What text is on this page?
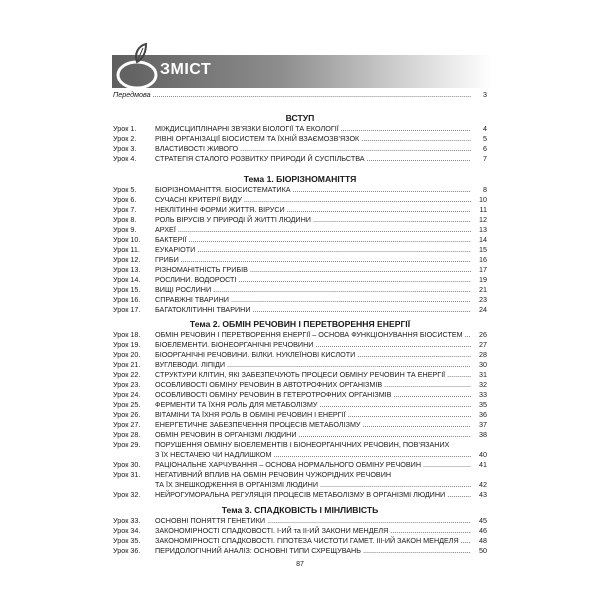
ЗМІСТ
Передмова .....	3
ВСТУП
Урок 1.	МІЖДИСЦИПЛІНАРНІ ЗВ’ЯЗКИ БІОЛОГІЇ ТА ЕКОЛОГІЇ .....	4
Урок 2.	РІВНІ ОРГАНІЗАЦІЇ БІОСИСТЕМ ТА ЇХНІЙ ВЗАЄМОЗВ’ЯЗОК .....	5
Урок 3.	ВЛАСТИВОСТІ ЖИВОГО .....	6
Урок 4.	СТРАТЕГІЯ СТАЛОГО РОЗВИТКУ ПРИРОДИ Й СУСПІЛЬСТВА .....	7
Тема 1. БІОРІЗНОМАНІТТЯ
Урок 5.	БІОРІЗНОМАНІТТЯ. БІОСИСТЕМАТИКА .....	8
Урок 6.	СУЧАСНІ КРИТЕРІЇ ВИДУ .....	10
Урок 7.	НЕКЛІТИННІ ФОРМИ ЖИТТЯ. ВІРУСИ .....	11
Урок 8.	РОЛЬ ВІРУСІВ У ПРИРОДІ Й ЖИТТІ ЛЮДИНИ .....	12
Урок 9.	АРХЕЇ .....	13
Урок 10.	БАКТЕРІЇ .....	14
Урок 11.	ЕУКАРІОТИ .....	15
Урок 12.	ГРИБИ .....	16
Урок 13.	РІЗНОМАНІТНІСТЬ ГРИБІВ .....	17
Урок 14.	РОСЛИНИ. ВОДОРОСТІ .....	19
Урок 15.	ВИЩІ РОСЛИНИ .....	21
Урок 16.	СПРАВЖНІ ТВАРИНИ .....	23
Урок 17.	БАГАТОКЛІТИННІ ТВАРИНИ .....	24
Тема 2. ОБМІН РЕЧОВИН І ПЕРЕТВОРЕННЯ ЕНЕРГІЇ
Урок 18.	ОБМІН РЕЧОВИН І ПЕРЕТВОРЕННЯ ЕНЕРГІЇ – ОСНОВА ФУНКЦІОНУВАННЯ БІОСИСТЕМ .....	26
Урок 19.	БІОЕЛЕМЕНТИ. БІОНЕОРГАНІЧНІ РЕЧОВИНИ .....	27
Урок 20.	БІООРГАНІЧНІ РЕЧОВИНИ. БІЛКИ. НУКЛЕЇНОВІ КИСЛОТИ .....	28
Урок 21.	ВУГЛЕВОДИ. ЛІПІДИ .....	30
Урок 22.	СТРУКТУРИ КЛІТИН, ЯКІ ЗАБЕЗПЕЧУЮТЬ ПРОЦЕСИ ОБМІНУ РЕЧОВИН ТА ЕНЕРГІЇ .....	31
Урок 23.	ОСОБЛИВОСТІ ОБМІНУ РЕЧОВИН В АВТОТРОФНИХ ОРГАНІЗМІВ .....	32
Урок 24.	ОСОБЛИВОСТІ ОБМІНУ РЕЧОВИН В ГЕТЕРОТРОФНИХ ОРГАНІЗМІВ .....	33
Урок 25.	ФЕРМЕНТИ ТА ЇХНЯ РОЛЬ ДЛЯ МЕТАБОЛІЗМУ .....	35
Урок 26.	ВІТАМІНИ ТА ЇХНЯ РОЛЬ В ОБМІНІ РЕЧОВИН І ЕНЕРГІЇ .....	36
Урок 27.	ЕНЕРГЕТИЧНЕ ЗАБЕЗПЕЧЕННЯ ПРОЦЕСІВ МЕТАБОЛІЗМУ .....	37
Урок 28.	ОБМІН РЕЧОВИН В ОРГАНІЗМІ ЛЮДИНИ .....	38
Урок 29.	ПОРУШЕННЯ ОБМІНУ БІОЕЛЕМЕНТІВ І БІОНЕОРГАНІЧНИХ РЕЧОВИН, ПОВ’ЯЗАНИХ
З ЇХ НЕСТАЧЕЮ ЧИ НАДЛИШКОМ .....	40
Урок 30.	РАЦІОНАЛЬНЕ ХАРЧУВАННЯ – ОСНОВА НОРМАЛЬНОГО ОБМІНУ РЕЧОВИН .....	41
Урок 31.	НЕГАТИВНИЙ ВПЛИВ НА ОБМІН РЕЧОВИН ЧУЖОРІДНИХ РЕЧОВИН
ТА ЇХ ЗНЕШКОДЖЕННЯ В ОРГАНІЗМІ ЛЮДИНИ .....	42
Урок 32.	НЕЙРОГУМОРАЛЬНА РЕГУЛЯЦІЯ ПРОЦЕСІВ МЕТАБОЛІЗМУ В ОРГАНІЗМІ ЛЮДИНИ .....	43
Тема 3. СПАДКОВІСТЬ І МІНЛИВІСТЬ
Урок 33.	ОСНОВНІ ПОНЯТТЯ ГЕНЕТИКИ .....	45
Урок 34.	ЗАКОНОМІРНОСТІ СПАДКОВОСТІ. І-ИЙ та ІІ-ИЙ ЗАКОНИ МЕНДЕЛЯ .....	46
Урок 35.	ЗАКОНОМІРНОСТІ СПАДКОВОСТІ. ГІПОТЕЗА ЧИСТОТИ ГАМЕТ. ІІІ-ИЙ ЗАКОН МЕНДЕЛЯ .....	48
Урок 36.	ПЕРИДОЛОГІЧНИЙ АНАЛІЗ: ОСНОВНІ ТИПИ СХРЕЩУВАНЬ .....	50
87
